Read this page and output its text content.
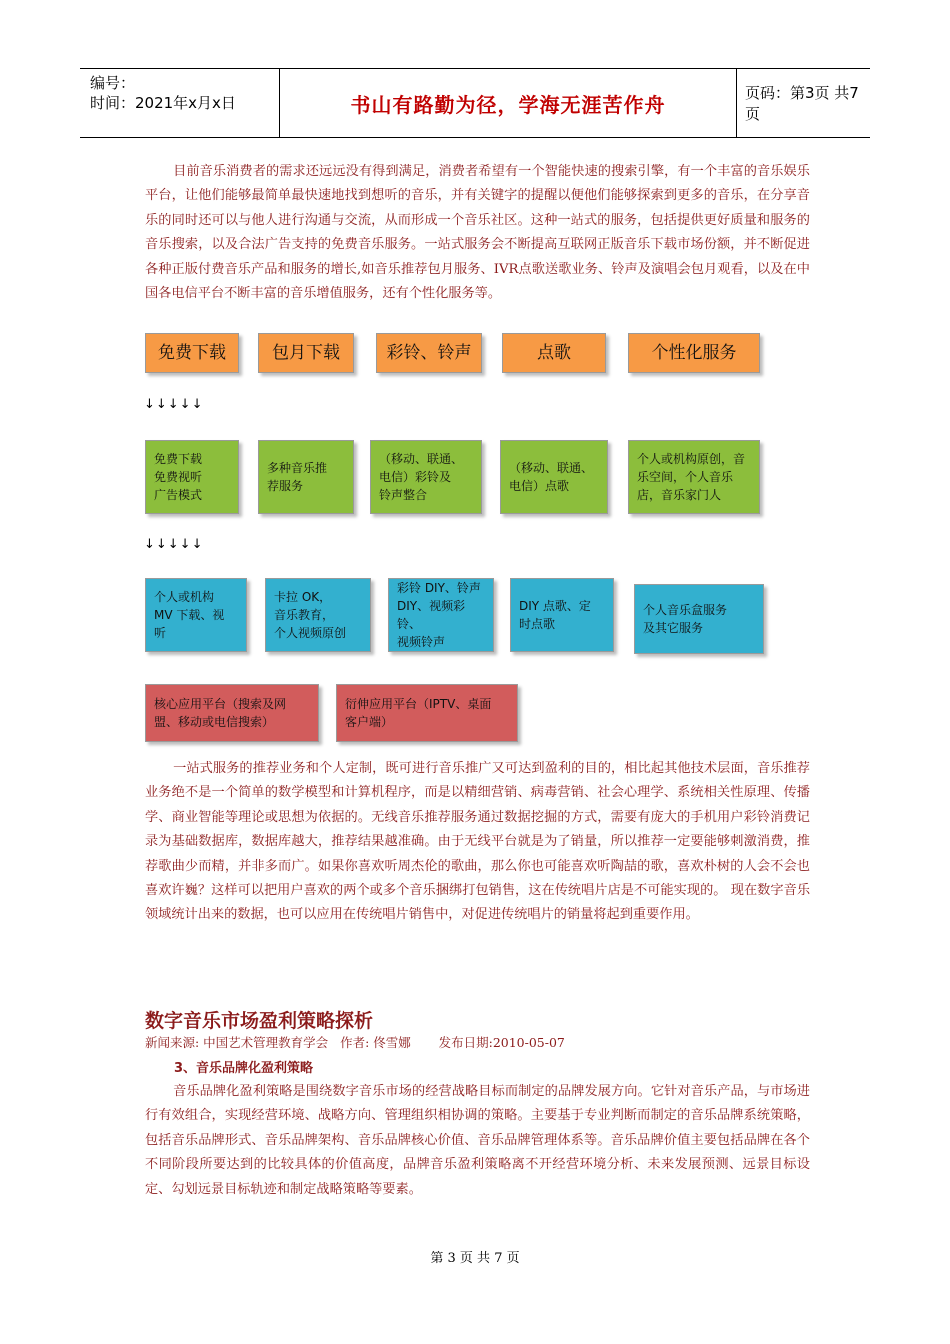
编号：
时间：2021年x月x日	书山有路勤为径，学海无涯苦作舟	页码：第3页 共7页

目前音乐消费者的需求还远远没有得到满足，消费者希望有一个智能快速的搜索引擎，有一个丰富的音乐娱乐平台，让他们能够最简单最快速地找到想听的音乐，并有关键字的提醒以便他们能够探索到更多的音乐，在分享音乐的同时还可以与他人进行沟通与交流，从而形成一个音乐社区。这种一站式的服务，包括提供更好质量和服务的音乐搜索，以及合法广告支持的免费音乐服务。一站式服务会不断提高互联网正版音乐下载市场份额，并不断促进各种正版付费音乐产品和服务的增长,如音乐推荐包月服务、IVR点歌送歌业务、铃声及演唱会包月观看，以及在中国各电信平台不断丰富的音乐增值服务，还有个性化服务等。

免费下载	包月下载	彩铃、铃声	点歌	个性化服务
↓↓↓↓↓
免费下载
免费视听
广告模式
多种音乐推
荐服务
（移动、联通、
电信）彩铃及
铃声整合
（移动、联通、
电信）点歌
个人或机构原创，音
乐空间，个人音乐
店，音乐家门人
↓↓↓↓↓
个人或机构
MV 下载、视
听
卡拉 OK，
音乐教育，
个人视频原创
彩铃 DIY、铃声
DIY、视频彩铃、
视频铃声
DIY 点歌、定
时点歌
个人音乐盒服务
及其它服务
核心应用平台（搜索及网
盟、移动或电信搜索）
衍伸应用平台（IPTV、桌面
客户端）

一站式服务的推荐业务和个人定制，既可进行音乐推广又可达到盈利的目的，相比起其他技术层面，音乐推荐业务绝不是一个简单的数学模型和计算机程序，而是以精细营销、病毒营销、社会心理学、系统相关性原理、传播学、商业智能等理论或思想为依据的。无线音乐推荐服务通过数据挖掘的方式，需要有庞大的手机用户彩铃消费记录为基础数据库，数据库越大，推荐结果越准确。由于无线平台就是为了销量，所以推荐一定要能够刺激消费，推荐歌曲少而精，并非多而广。如果你喜欢听周杰伦的歌曲，那么你也可能喜欢听陶喆的歌，喜欢朴树的人会不会也喜欢许巍？这样可以把用户喜欢的两个或多个音乐捆绑打包销售，这在传统唱片店是不可能实现的。 现在数字音乐领域统计出来的数据，也可以应用在传统唱片销售中，对促进传统唱片的销量将起到重要作用。

数字音乐市场盈利策略探析
新闻来源: 中国艺术管理教育学会   作者: 佟雪娜       发布日期:2010-05-07
3、音乐品牌化盈利策略

音乐品牌化盈利策略是围绕数字音乐市场的经营战略目标而制定的品牌发展方向。它针对音乐产品，与市场进行有效组合，实现经营环境、战略方向、管理组织相协调的策略。主要基于专业判断而制定的音乐品牌系统策略，包括音乐品牌形式、音乐品牌架构、音乐品牌核心价值、音乐品牌管理体系等。音乐品牌价值主要包括品牌在各个不同阶段所要达到的比较具体的价值高度，品牌音乐盈利策略离不开经营环境分析、未来发展预测、远景目标设定、勾划远景目标轨迹和制定战略策略等要素。

第 3 页 共 7 页
